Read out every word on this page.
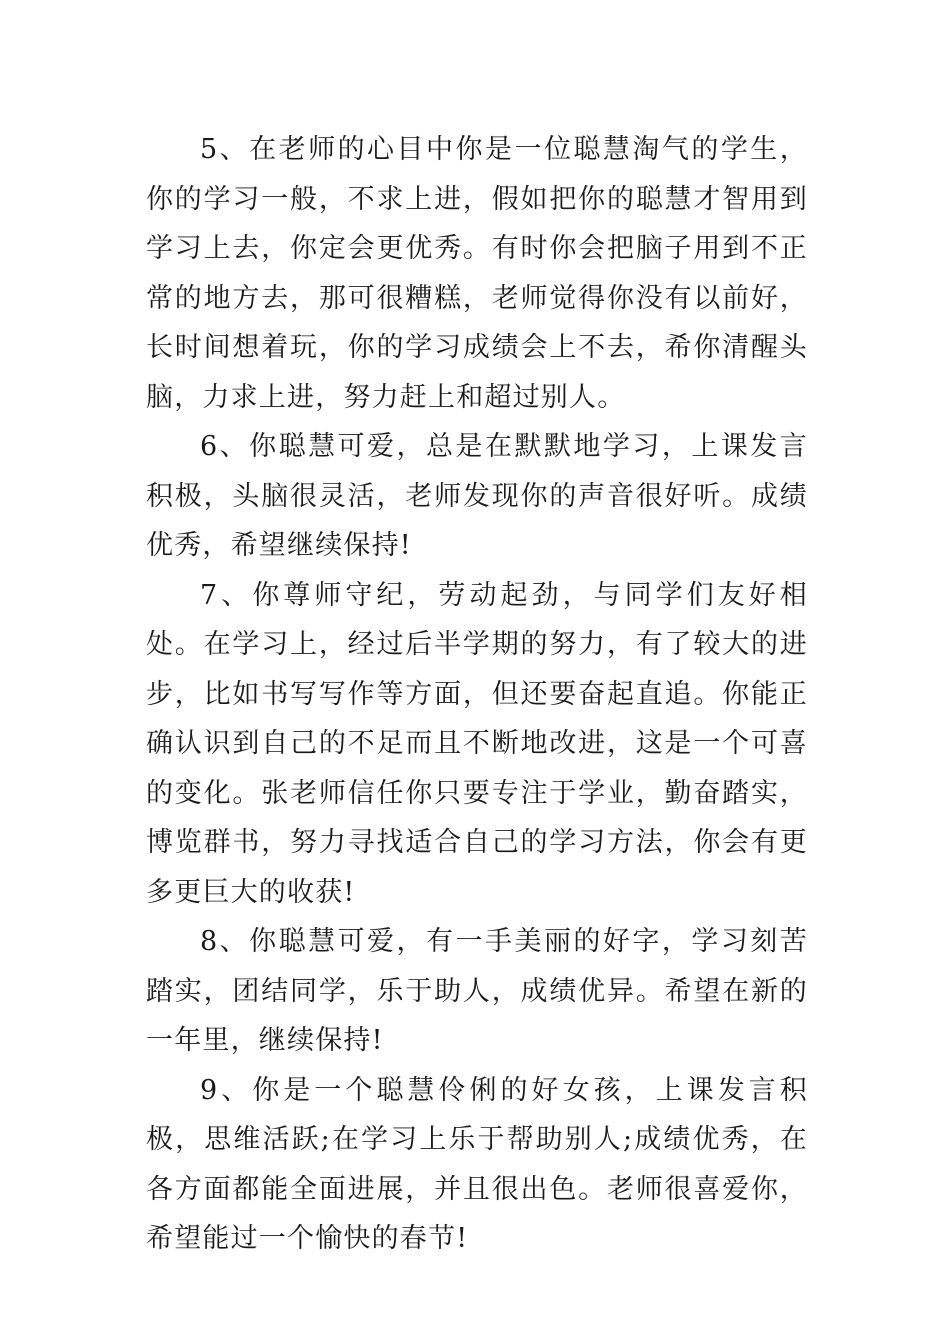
5、在老师的心目中你是一位聪慧淘气的学生，你的学习一般，不求上进，假如把你的聪慧才智用到学习上去，你定会更优秀。有时你会把脑子用到不正常的地方去，那可很糟糕，老师觉得你没有以前好，长时间想着玩，你的学习成绩会上不去，希你清醒头脑，力求上进，努力赶上和超过别人。

6、你聪慧可爱，总是在默默地学习，上课发言积极，头脑很灵活，老师发现你的声音很好听。成绩优秀，希望继续保持!

7、你尊师守纪，劳动起劲，与同学们友好相处。在学习上，经过后半学期的努力，有了较大的进步，比如书写写作等方面，但还要奋起直追。你能正确认识到自己的不足而且不断地改进，这是一个可喜的变化。张老师信任你只要专注于学业，勤奋踏实，博览群书，努力寻找适合自己的学习方法，你会有更多更巨大的收获!

8、你聪慧可爱，有一手美丽的好字，学习刻苦踏实，团结同学，乐于助人，成绩优异。希望在新的一年里，继续保持!

9、你是一个聪慧伶俐的好女孩，上课发言积极，思维活跃;在学习上乐于帮助别人;成绩优秀，在各方面都能全面进展，并且很出色。老师很喜爱你，希望能过一个愉快的春节!
